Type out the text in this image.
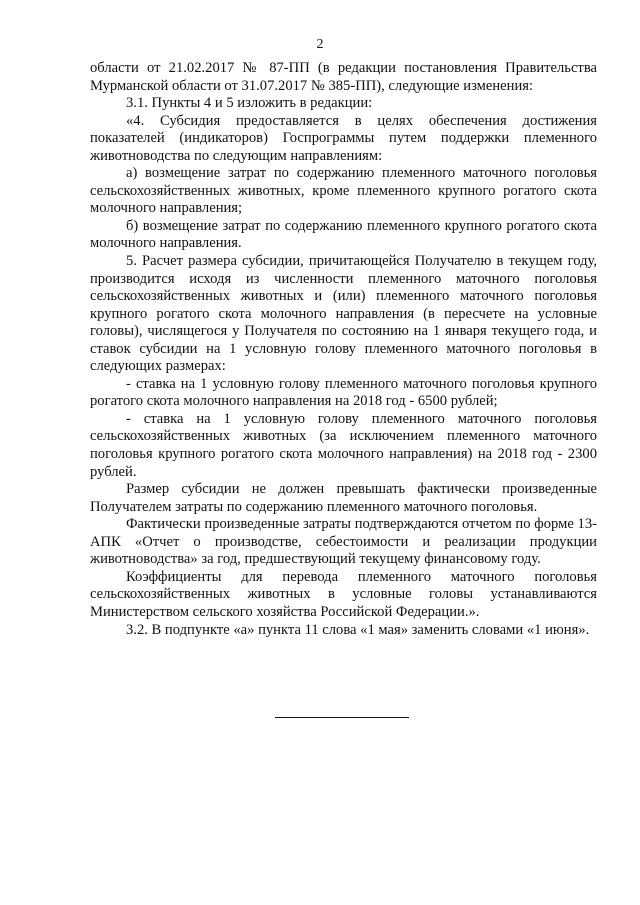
2

области от 21.02.2017 № 87-ПП (в редакции постановления Правительства Мурманской области от 31.07.2017 № 385-ПП), следующие изменения:

3.1. Пункты 4 и 5 изложить в редакции:

«4. Субсидия предоставляется в целях обеспечения достижения показателей (индикаторов) Госпрограммы путем поддержки племенного животноводства по следующим направлениям:

а) возмещение затрат по содержанию племенного маточного поголовья сельскохозяйственных животных, кроме племенного крупного рогатого скота молочного направления;

б) возмещение затрат по содержанию племенного крупного рогатого скота молочного направления.

5. Расчет размера субсидии, причитающейся Получателю в текущем году, производится исходя из численности племенного маточного поголовья сельскохозяйственных животных и (или) племенного маточного поголовья крупного рогатого скота молочного направления (в пересчете на условные головы), числящегося у Получателя по состоянию на 1 января текущего года, и ставок субсидии на 1 условную голову племенного маточного поголовья в следующих размерах:

- ставка на 1 условную голову племенного маточного поголовья крупного рогатого скота молочного направления на 2018 год - 6500 рублей;

- ставка на 1 условную голову племенного маточного поголовья сельскохозяйственных животных (за исключением племенного маточного поголовья крупного рогатого скота молочного направления) на 2018 год - 2300 рублей.

Размер субсидии не должен превышать фактически произведенные Получателем затраты по содержанию племенного маточного поголовья.

Фактически произведенные затраты подтверждаются отчетом по форме 13-АПК «Отчет о производстве, себестоимости и реализации продукции животноводства» за год, предшествующий текущему финансовому году.

Коэффициенты для перевода племенного маточного поголовья сельскохозяйственных животных в условные головы устанавливаются Министерством сельского хозяйства Российской Федерации.».

3.2. В подпункте «а» пункта 11 слова «1 мая» заменить словами «1 июня».
